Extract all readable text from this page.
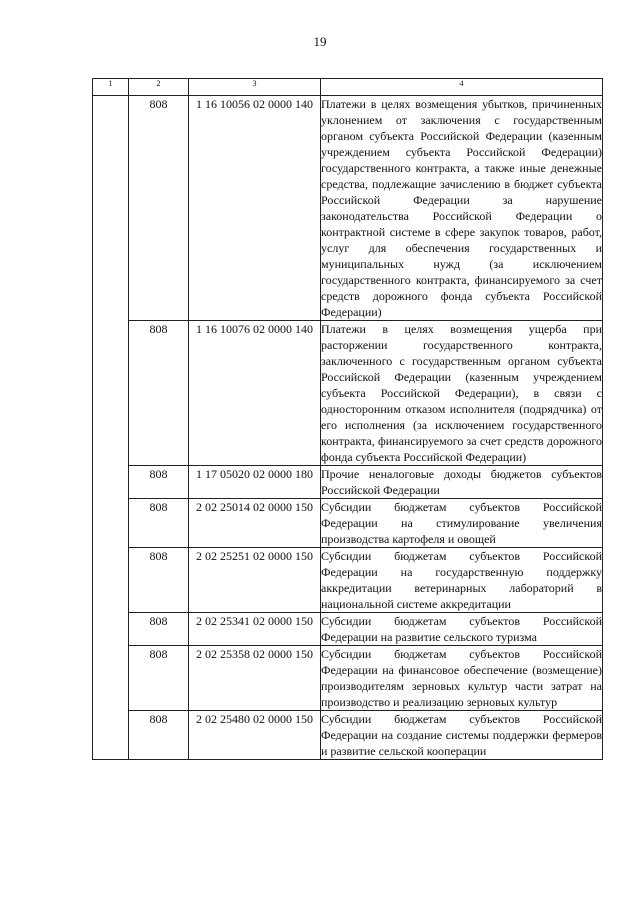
19
1	2	3	4
	808	1 16 10056 02 0000 140	Платежи в целях возмещения убытков, причиненных уклонением от заключения с государственным органом субъекта Российской Федерации (казенным учреждением субъекта Российской Федерации) государственного контракта, а также иные денежные средства, подлежащие зачислению в бюджет субъекта Российской Федерации за нарушение законодательства Российской Федерации о контрактной системе в сфере закупок товаров, работ, услуг для обеспечения государственных и муниципальных нужд (за исключением государственного контракта, финансируемого за счет средств дорожного фонда субъекта Российской Федерации)
	808	1 16 10076 02 0000 140	Платежи в целях возмещения ущерба при расторжении государственного контракта, заключенного с государственным органом субъекта Российской Федерации (казенным учреждением субъекта Российской Федерации), в связи с односторонним отказом исполнителя (подрядчика) от его исполнения (за исключением государственного контракта, финансируемого за счет средств дорожного фонда субъекта Российской Федерации)
	808	1 17 05020 02 0000 180	Прочие неналоговые доходы бюджетов субъектов Российской Федерации
	808	2 02 25014 02 0000 150	Субсидии бюджетам субъектов Российской Федерации на стимулирование увеличения производства картофеля и овощей
	808	2 02 25251 02 0000 150	Субсидии бюджетам субъектов Российской Федерации на государственную поддержку аккредитации ветеринарных лабораторий в национальной системе аккредитации
	808	2 02 25341 02 0000 150	Субсидии бюджетам субъектов Российской Федерации на развитие сельского туризма
	808	2 02 25358 02 0000 150	Субсидии бюджетам субъектов Российской Федерации на финансовое обеспечение (возмещение) производителям зерновых культур части затрат на производство и реализацию зерновых культур
	808	2 02 25480 02 0000 150	Субсидии бюджетам субъектов Российской Федерации на создание системы поддержки фермеров и развитие сельской кооперации
